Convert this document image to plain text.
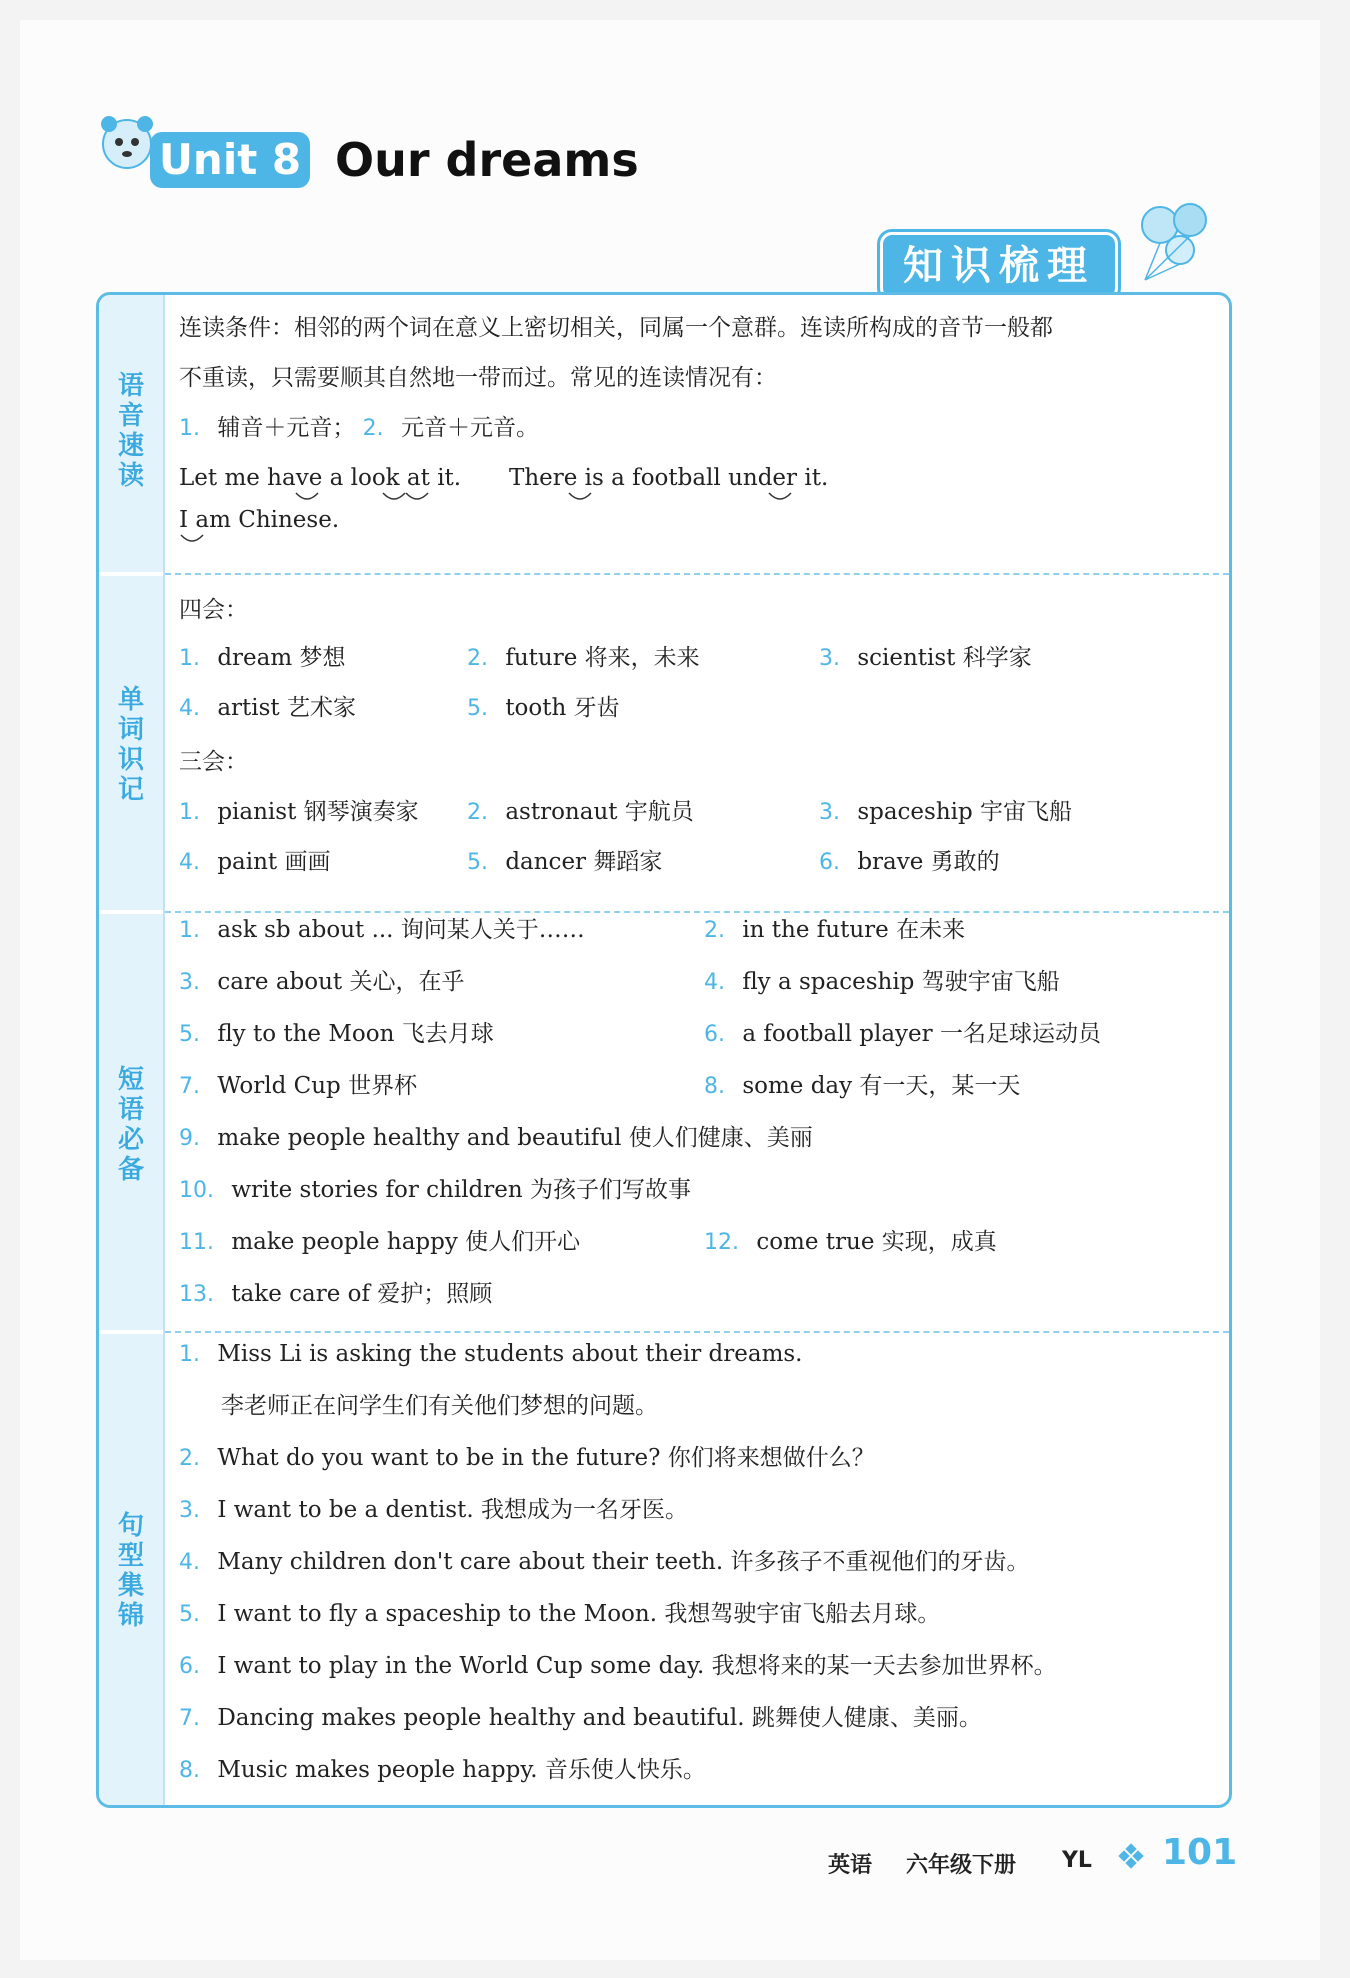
Unit 8 Our dreams
知识梳理
语
音
速
读
单
词
识
记
短
语
必
备
句
型
集
锦
连读条件：相邻的两个词在意义上密切相关，同属一个意群。连读所构成的音节一般都
不重读，只需要顺其自然地一带而过。常见的连读情况有：
1. 辅音＋元音； 2. 元音＋元音。
Let me have a look at it. There is a football under it.
I am Chinese.
四会：
1. dream 梦想	2. future 将来，未来	3. scientist 科学家
4. artist 艺术家	5. tooth 牙齿
三会：
1. pianist 钢琴演奏家 2. astronaut 宇航员	3. spaceship 宇宙飞船
4. paint 画画	5. dancer 舞蹈家	6. brave 勇敢的
1. ask sb about ... 询问某人关于……	2. in the future 在未来
3. care about 关心，在乎	4. fly a spaceship 驾驶宇宙飞船
5. fly to the Moon 飞去月球	6. a football player 一名足球运动员
7. World Cup 世界杯	8. some day 有一天，某一天
9. make people healthy and beautiful 使人们健康、美丽
10. write stories for children 为孩子们写故事
11. make people happy 使人们开心	12. come true 实现，成真
13. take care of 爱护；照顾
1. Miss Li is asking the students about their dreams.
李老师正在问学生们有关他们梦想的问题。
2. What do you want to be in the future? 你们将来想做什么？
3. I want to be a dentist. 我想成为一名牙医。
4. Many children don't care about their teeth. 许多孩子不重视他们的牙齿。
5. I want to fly a spaceship to the Moon. 我想驾驶宇宙飞船去月球。
6. I want to play in the World Cup some day. 我想将来的某一天去参加世界杯。
7. Dancing makes people healthy and beautiful. 跳舞使人健康、美丽。
8. Music makes people happy. 音乐使人快乐。
英语 六年级下册 YL 101
